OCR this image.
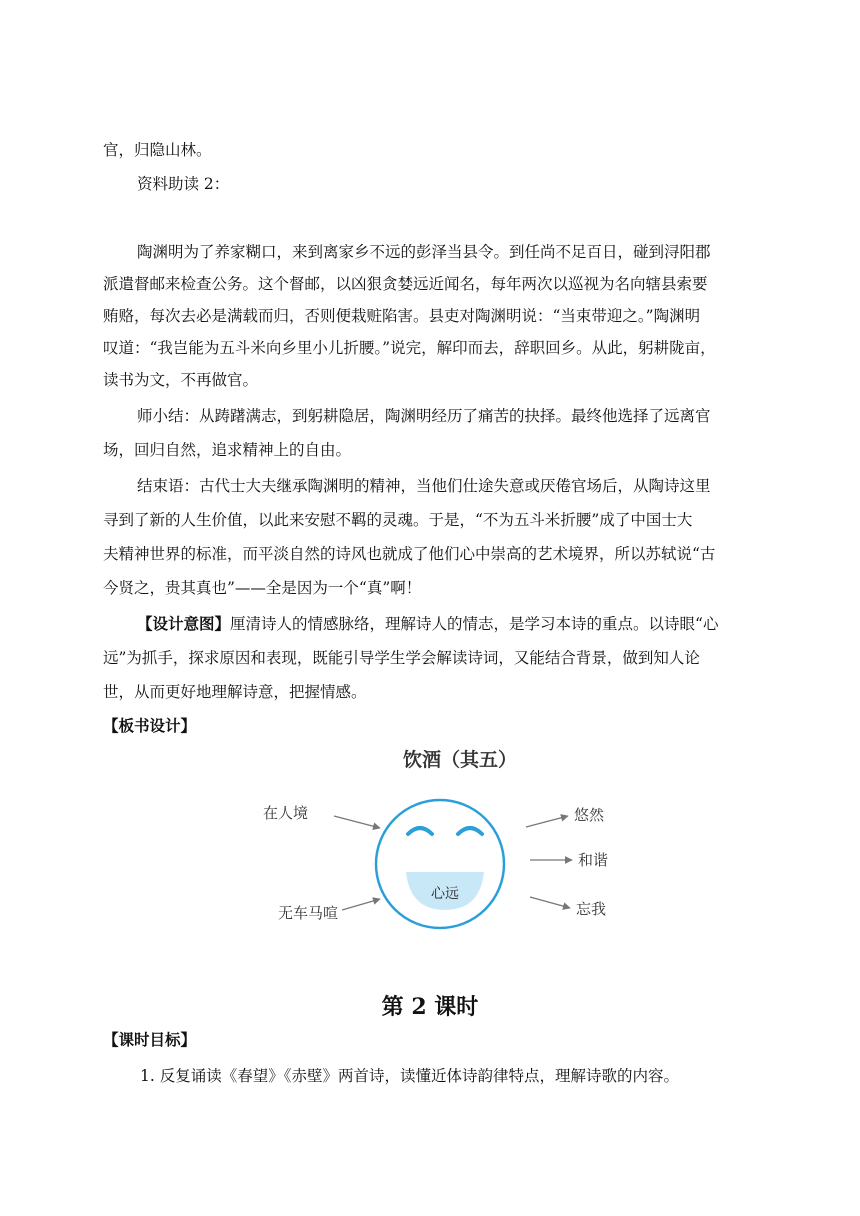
官，归隐山林。
资料助读 2：
陶渊明为了养家糊口，来到离家乡不远的彭泽当县令。到任尚不足百日，碰到浔阳郡
派遣督邮来检查公务。这个督邮，以凶狠贪婪远近闻名，每年两次以巡视为名向辖县索要
贿赂，每次去必是满载而归，否则便栽赃陷害。县吏对陶渊明说：“当束带迎之。”陶渊明
叹道：“我岂能为五斗米向乡里小儿折腰。”说完，解印而去，辞职回乡。从此，躬耕陇亩，
读书为文，不再做官。
师小结：从踌躇满志，到躬耕隐居，陶渊明经历了痛苦的抉择。最终他选择了远离官
场，回归自然，追求精神上的自由。
结束语：古代士大夫继承陶渊明的精神，当他们仕途失意或厌倦官场后，从陶诗这里
寻到了新的人生价值，以此来安慰不羁的灵魂。于是，“不为五斗米折腰”成了中国士大
夫精神世界的标准，而平淡自然的诗风也就成了他们心中崇高的艺术境界，所以苏轼说“古
今贤之，贵其真也”——全是因为一个“真”啊！
【设计意图】厘清诗人的情感脉络，理解诗人的情志，是学习本诗的重点。以诗眼“心
远”为抓手，探求原因和表现，既能引导学生学会解读诗词，又能结合背景，做到知人论
世，从而更好地理解诗意，把握情感。
【板书设计】
饮酒（其五）
心远
在人境
无车马喧
悠然
和谐
忘我
第 2 课时
【课时目标】
1. 反复诵读《春望》《赤壁》两首诗，读懂近体诗韵律特点，理解诗歌的内容。
